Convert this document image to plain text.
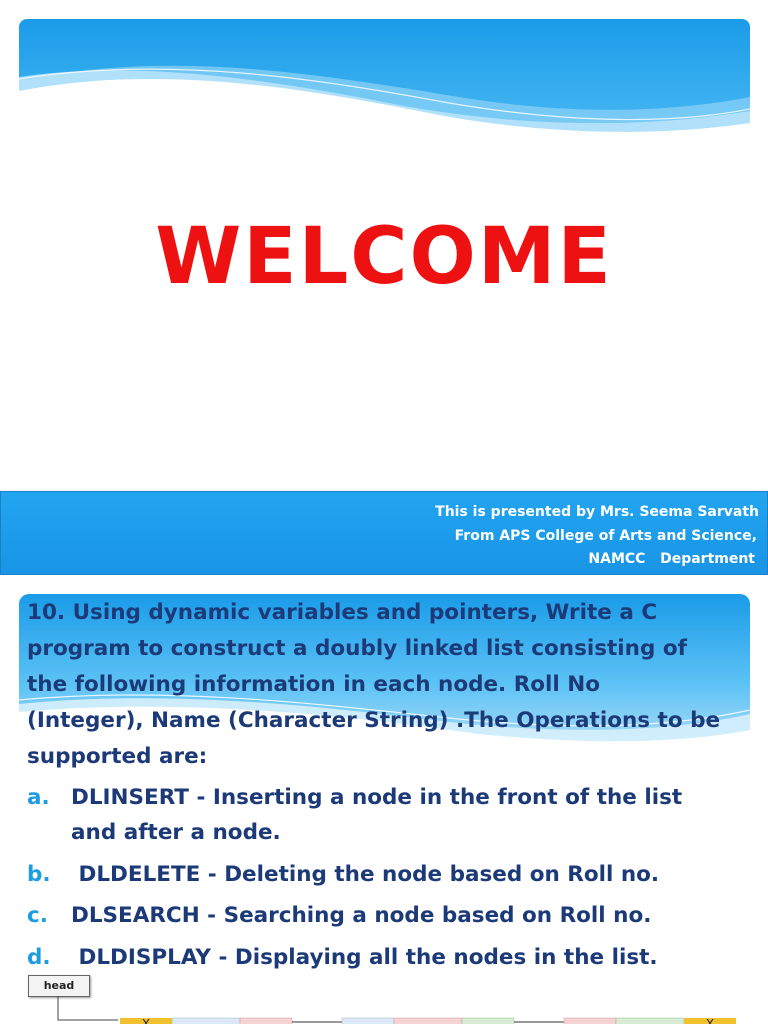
WELCOME
This is presented by Mrs. Seema Sarvath
From APS College of Arts and Science,
NAMCC   Department
10. Using dynamic variables and pointers, Write a C
program to construct a doubly linked list consisting of
the following information in each node. Roll No
(Integer), Name (Character String) .The Operations to be
supported are:
a. DLINSERT - Inserting a node in the front of the list
and after a node.
b. DLDELETE - Deleting the node based on Roll no.
c. DLSEARCH - Searching a node based on Roll no.
d. DLDISPLAY - Displaying all the nodes in the list.
head
X	X
